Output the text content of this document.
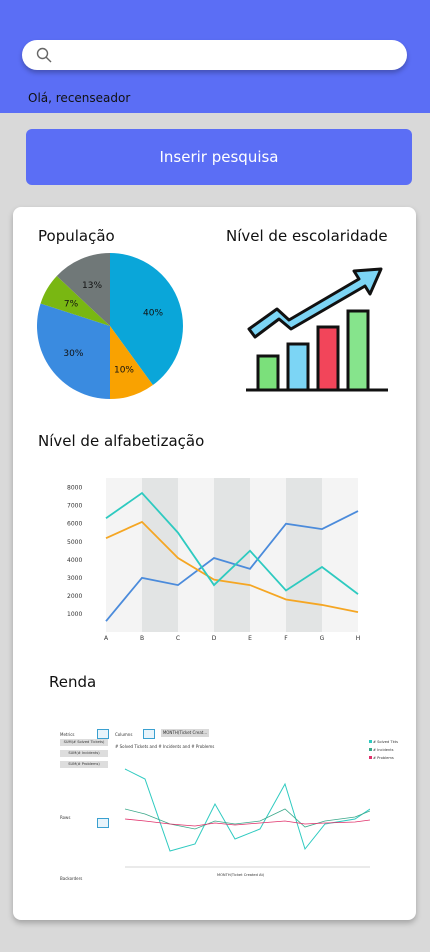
Olá, recenseador
Inserir pesquisa
População	Nível de escolaridade
40%
10%
30%
7%
13%
Nível de alfabetização
1000
2000
3000
4000
5000
6000
7000
8000
A	B	C	D	E	F	G	H
Renda
Metrics	Columns	MONTH(Ticket Creat...
SUM(# Solved Tickets)
SUM(# Incidents)
SUM(# Problems)
Rows
Backorders
# Solved Tickets and # Incidents and # Problems
# Solved Tkts
# Incidents
# Problems
MONTH(Ticket Created At)
